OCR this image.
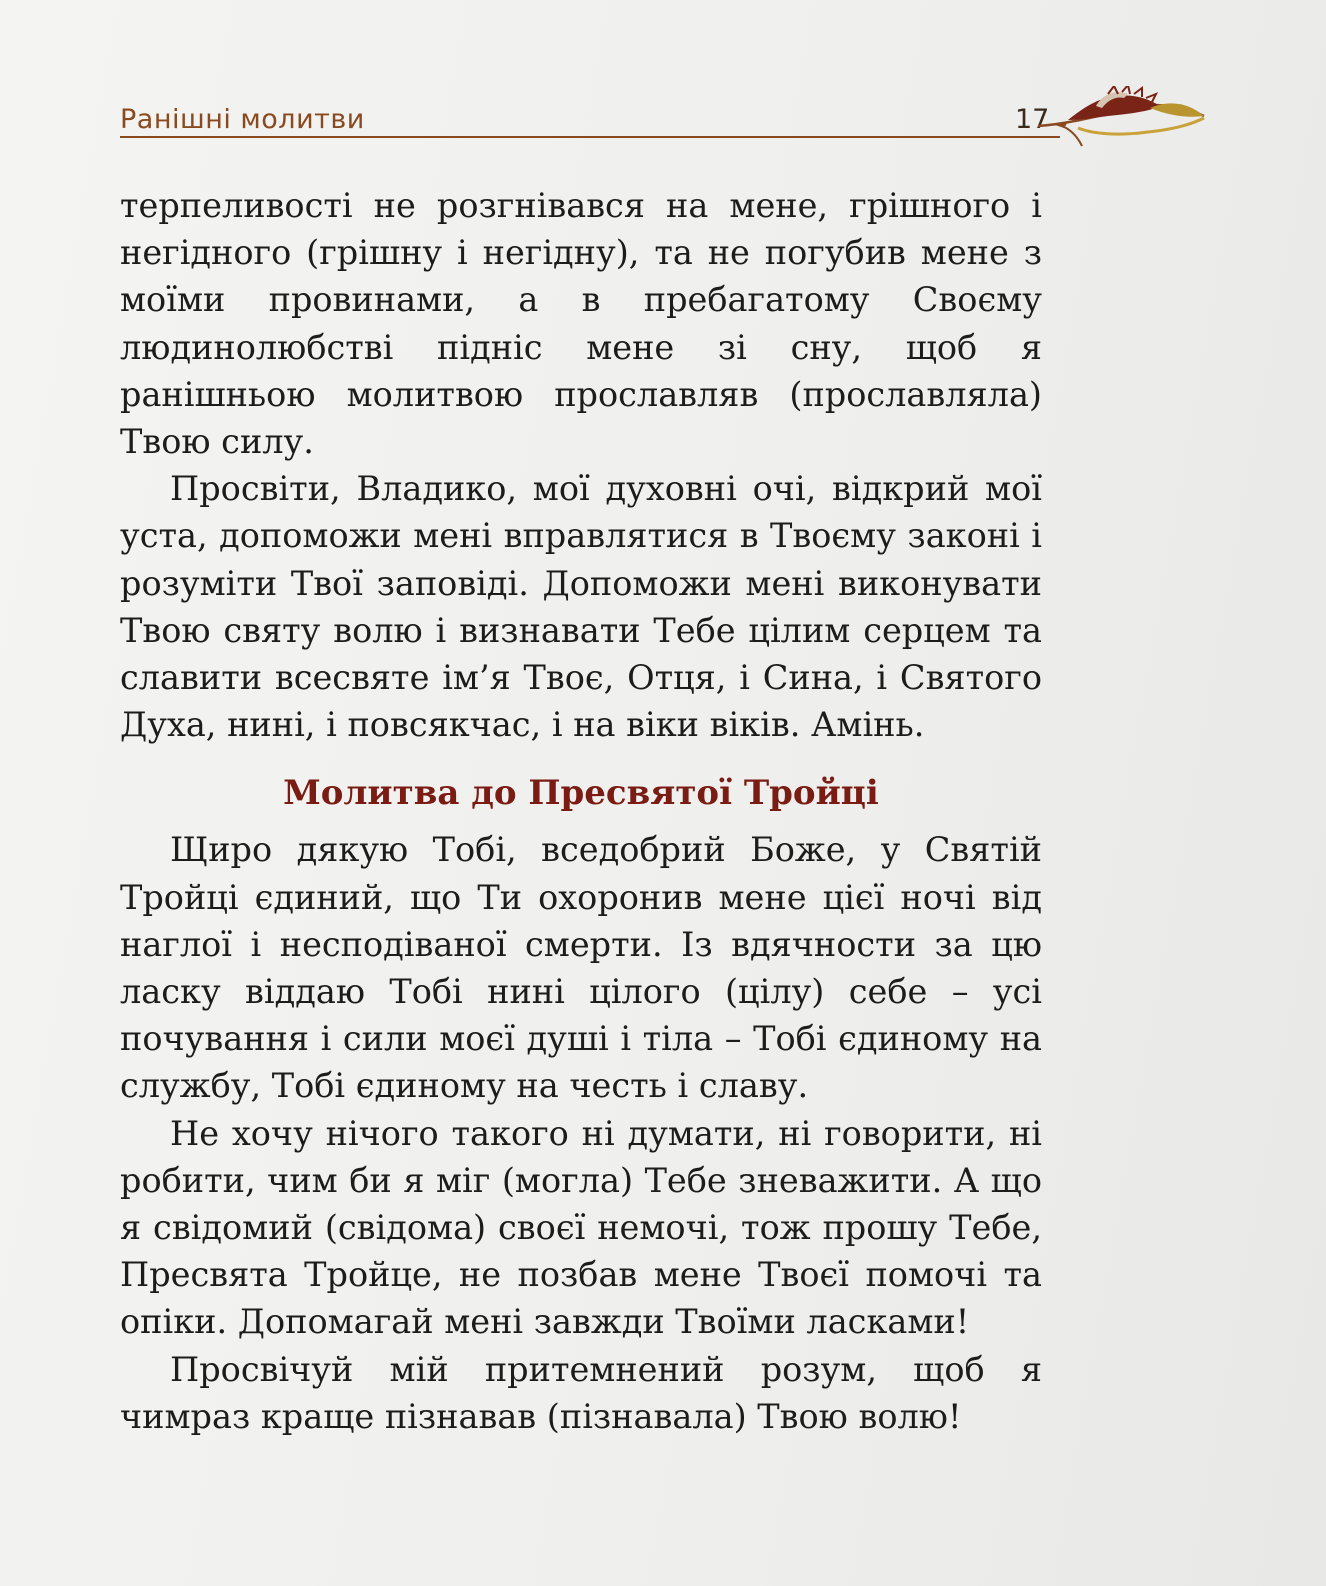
Ранішні молитви	17

терпеливості не розгнівався на мене, грішного і негідного (грішну і негідну), та не погубив мене з моїми провинами, а в пребагатому Своєму людинолюбстві підніс мене зі сну, щоб я ранішньою молитвою прославляв (прославляла) Твою силу.

Просвіти, Владико, мої духовні очі, відкрий мої уста, допоможи мені вправлятися в Твоєму законі і розуміти Твої заповіді. Допоможи мені виконувати Твою святу волю і визнавати Тебе цілим серцем та славити всесвяте ім’я Твоє, Отця, і Сина, і Святого Духа, нині, і повсякчас, і на віки віків. Амінь.

Молитва до Пресвятої Тройці

Щиро дякую Тобі, вседобрий Боже, у Святій Тройці єдиний, що Ти охоронив мене цієї ночі від наглої і несподіваної смерти. Із вдячности за цю ласку віддаю Тобі нині цілого (цілу) себе – усі почування і сили моєї душі і тіла – Тобі єдиному на службу, Тобі єдиному на честь і славу.

Не хочу нічого такого ні думати, ні говорити, ні робити, чим би я міг (могла) Тебе зневажити. А що я свідомий (свідома) своєї немочі, тож прошу Тебе, Пресвята Тройце, не позбав мене Твоєї помочі та опіки. Допомагай мені завжди Твоїми ласками!

Просвічуй мій притемнений розум, щоб я чимраз краще пізнавав (пізнавала) Твою волю!
